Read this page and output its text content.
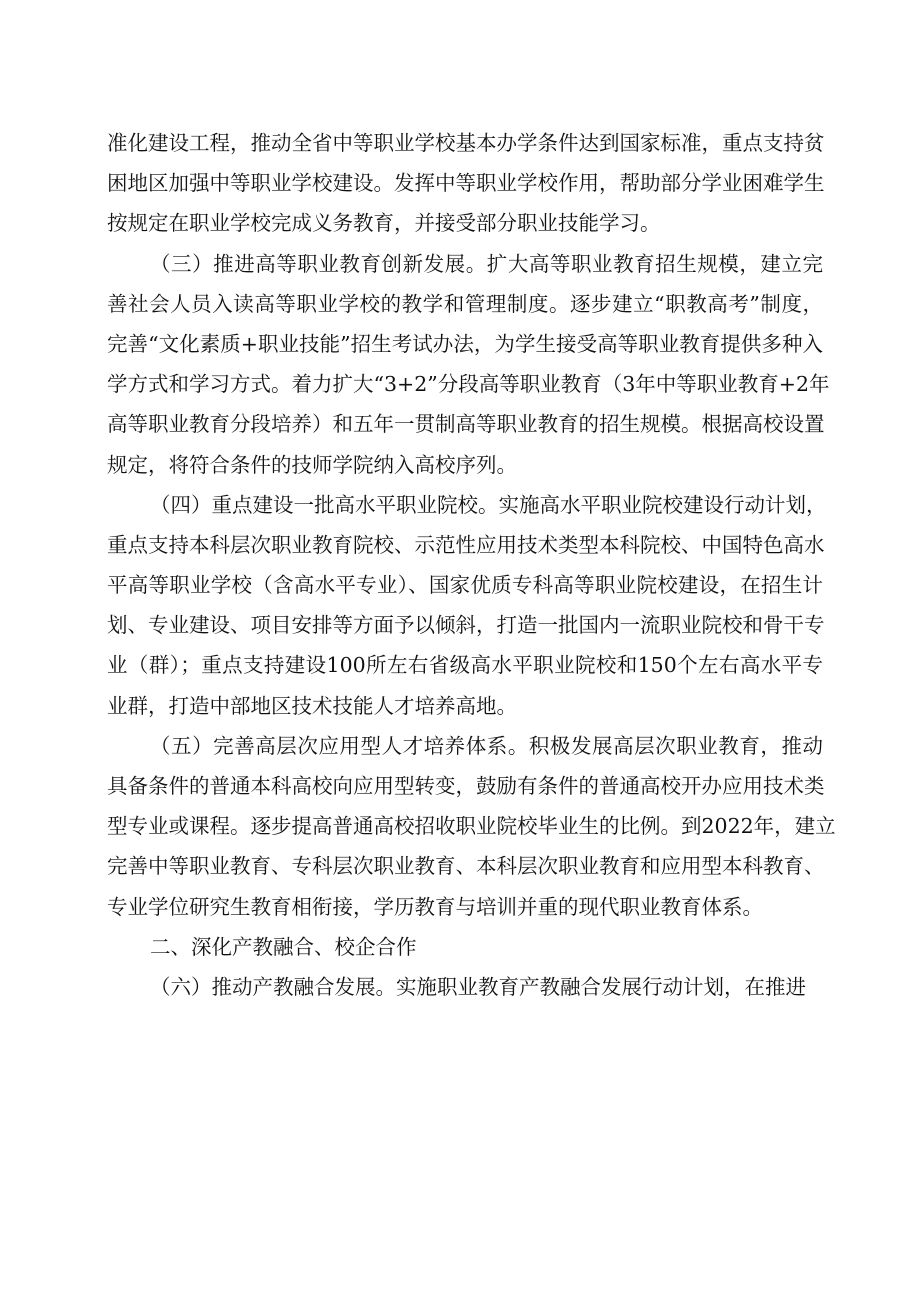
准化建设工程，推动全省中等职业学校基本办学条件达到国家标准，重点支持贫
困地区加强中等职业学校建设。发挥中等职业学校作用，帮助部分学业困难学生
按规定在职业学校完成义务教育，并接受部分职业技能学习。
（三）推进高等职业教育创新发展。扩大高等职业教育招生规模，建立完
善社会人员入读高等职业学校的教学和管理制度。逐步建立“职教高考”制度，
完善“文化素质+职业技能”招生考试办法，为学生接受高等职业教育提供多种入
学方式和学习方式。着力扩大“3+2”分段高等职业教育（3年中等职业教育+2年
高等职业教育分段培养）和五年一贯制高等职业教育的招生规模。根据高校设置
规定，将符合条件的技师学院纳入高校序列。
（四）重点建设一批高水平职业院校。实施高水平职业院校建设行动计划，
重点支持本科层次职业教育院校、示范性应用技术类型本科院校、中国特色高水
平高等职业学校（含高水平专业）、国家优质专科高等职业院校建设，在招生计
划、专业建设、项目安排等方面予以倾斜，打造一批国内一流职业院校和骨干专
业（群）；重点支持建设100所左右省级高水平职业院校和150个左右高水平专
业群，打造中部地区技术技能人才培养高地。
（五）完善高层次应用型人才培养体系。积极发展高层次职业教育，推动
具备条件的普通本科高校向应用型转变，鼓励有条件的普通高校开办应用技术类
型专业或课程。逐步提高普通高校招收职业院校毕业生的比例。到2022年，建立
完善中等职业教育、专科层次职业教育、本科层次职业教育和应用型本科教育、
专业学位研究生教育相衔接，学历教育与培训并重的现代职业教育体系。
二、深化产教融合、校企合作
（六）推动产教融合发展。实施职业教育产教融合发展行动计划，在推进
